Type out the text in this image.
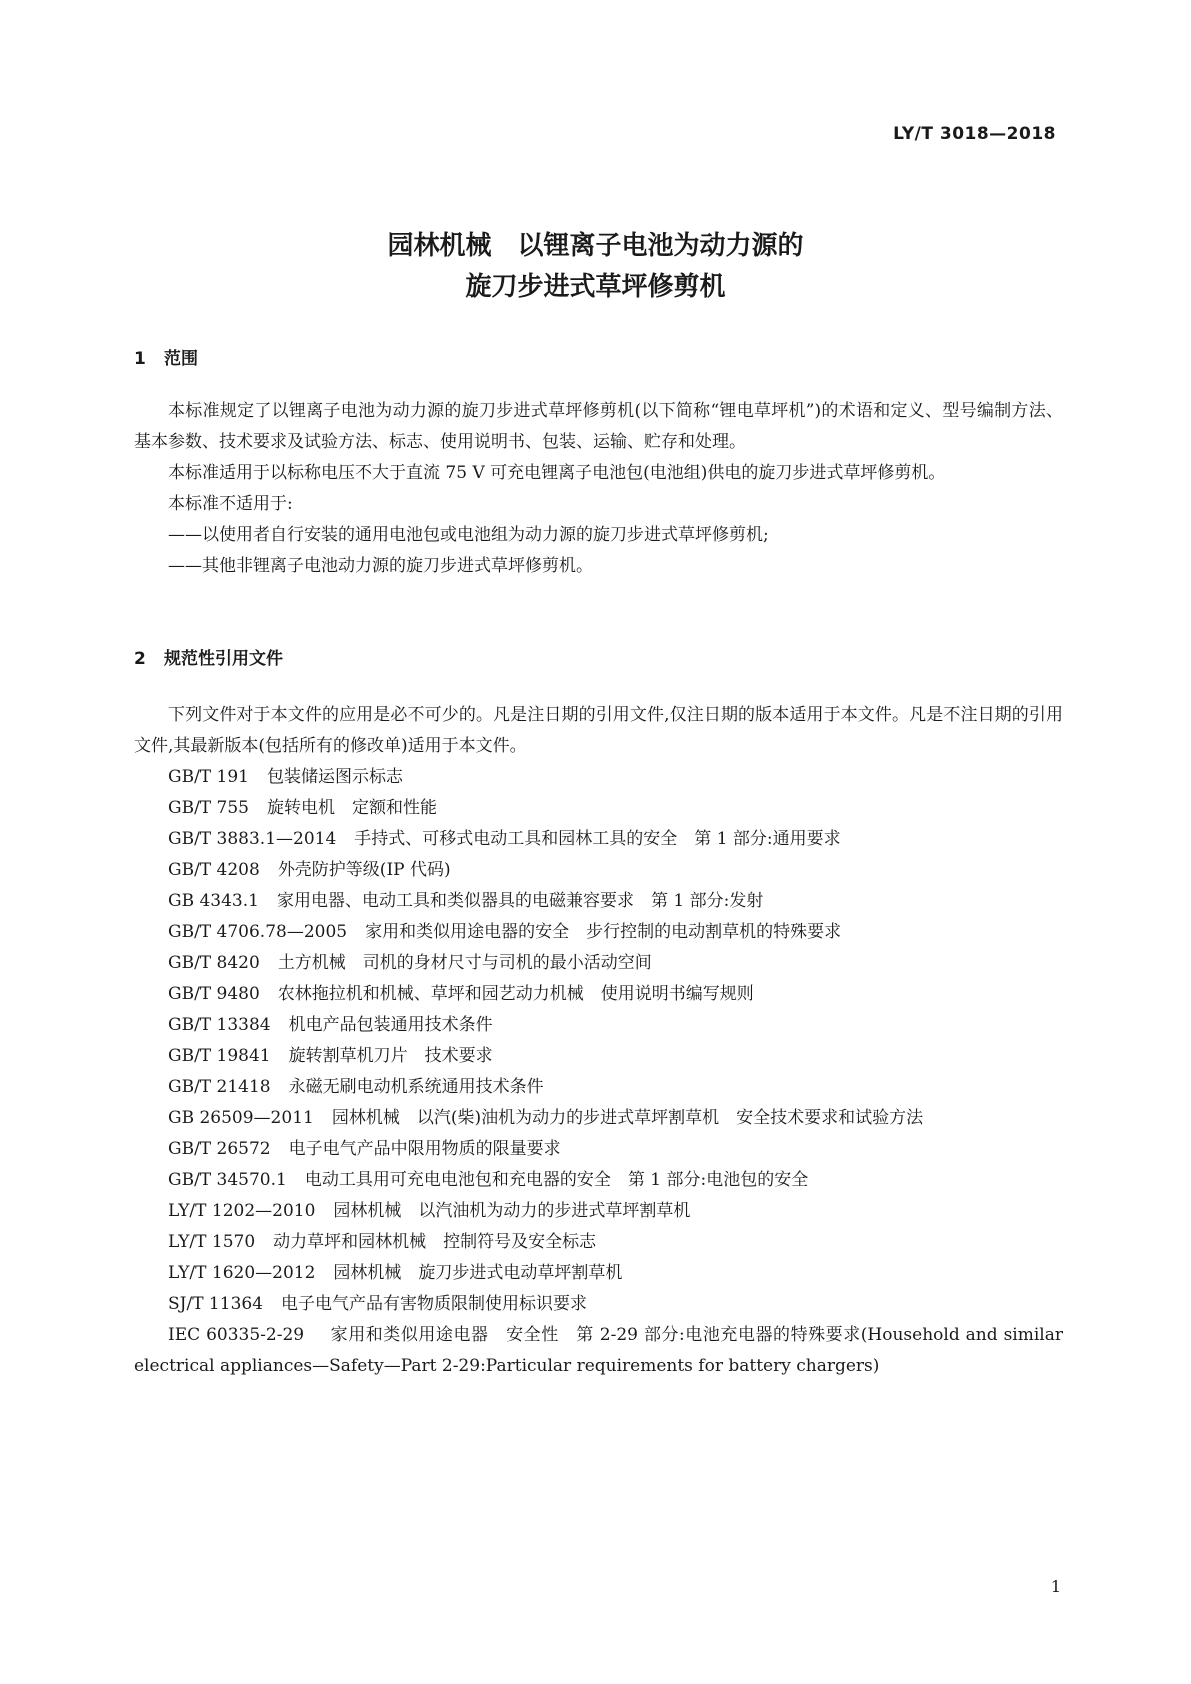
LY/T 3018—2018
园林机械　以锂离子电池为动力源的
旋刀步进式草坪修剪机
1 范围

本标准规定了以锂离子电池为动力源的旋刀步进式草坪修剪机(以下简称“锂电草坪机”)的术语和定义、型号编制方法、基本参数、技术要求及试验方法、标志、使用说明书、包装、运输、贮存和处理。

本标准适用于以标称电压不大于直流 75 V 可充电锂离子电池包(电池组)供电的旋刀步进式草坪修剪机。

本标准不适用于:

——以使用者自行安装的通用电池包或电池组为动力源的旋刀步进式草坪修剪机;

——其他非锂离子电池动力源的旋刀步进式草坪修剪机。

2 规范性引用文件

下列文件对于本文件的应用是必不可少的。凡是注日期的引用文件,仅注日期的版本适用于本文件。凡是不注日期的引用文件,其最新版本(包括所有的修改单)适用于本文件。

GB/T 191 包装储运图示标志

GB/T 755 旋转电机　定额和性能

GB/T 3883.1—2014 手持式、可移式电动工具和园林工具的安全　第 1 部分:通用要求

GB/T 4208 外壳防护等级(IP 代码)

GB 4343.1 家用电器、电动工具和类似器具的电磁兼容要求　第 1 部分:发射

GB/T 4706.78—2005 家用和类似用途电器的安全　步行控制的电动割草机的特殊要求

GB/T 8420 土方机械　司机的身材尺寸与司机的最小活动空间

GB/T 9480 农林拖拉机和机械、草坪和园艺动力机械　使用说明书编写规则

GB/T 13384 机电产品包装通用技术条件

GB/T 19841 旋转割草机刀片　技术要求

GB/T 21418 永磁无刷电动机系统通用技术条件

GB 26509—2011 园林机械　以汽(柴)油机为动力的步进式草坪割草机　安全技术要求和试验方法

GB/T 26572 电子电气产品中限用物质的限量要求

GB/T 34570.1 电动工具用可充电电池包和充电器的安全　第 1 部分:电池包的安全

LY/T 1202—2010 园林机械　以汽油机为动力的步进式草坪割草机

LY/T 1570 动力草坪和园林机械　控制符号及安全标志

LY/T 1620—2012 园林机械　旋刀步进式电动草坪割草机

SJ/T 11364 电子电气产品有害物质限制使用标识要求

IEC 60335-2-29 家用和类似用途电器　安全性　第 2-29 部分:电池充电器的特殊要求(Household and similar electrical appliances—Safety—Part 2-29:Particular requirements for battery chargers)

1
